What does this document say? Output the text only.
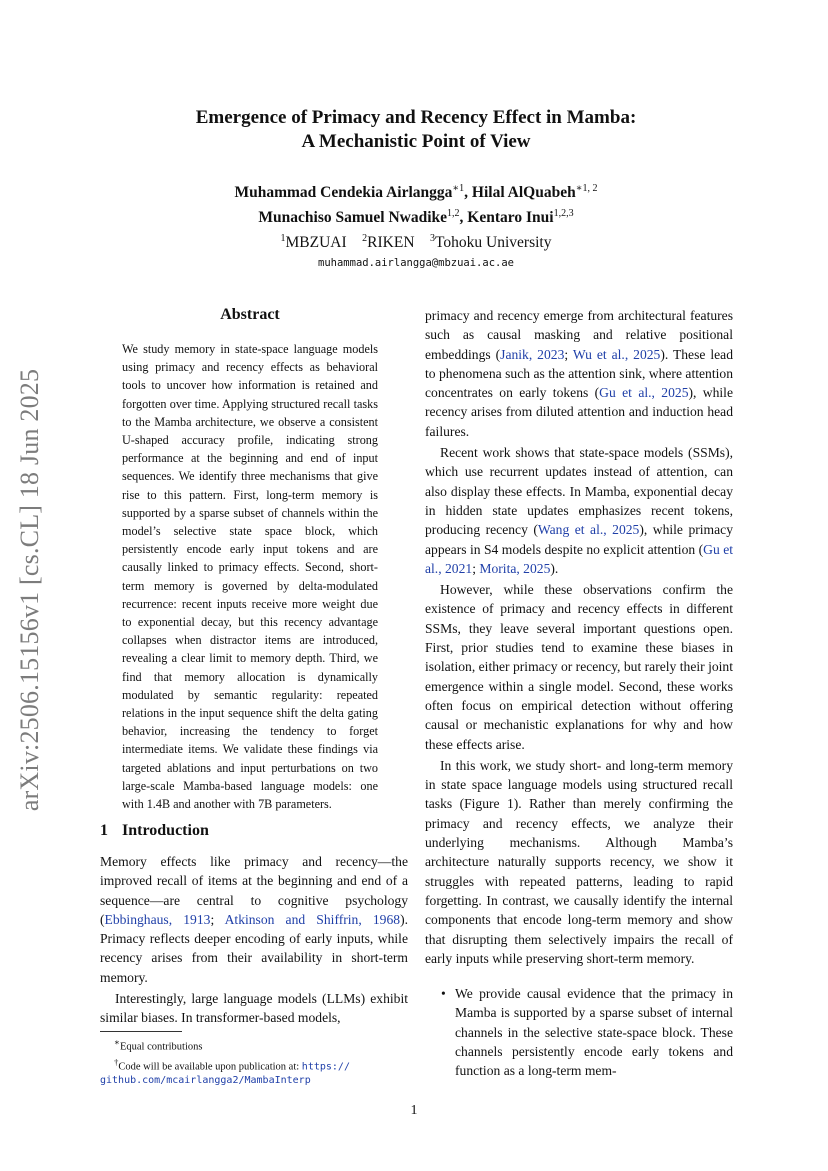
arXiv:2506.15156v1 [cs.CL] 18 Jun 2025
Emergence of Primacy and Recency Effect in Mamba:
A Mechanistic Point of View
Muhammad Cendekia Airlangga$^{∗1}$, Hilal AlQuabeh$^{∗1, 2}$
Munachiso Samuel Nwadike$^{1,2}$, Kentaro Inui$^{1,2,3}$
$^1$MBZUAI $^2$RIKEN $^3$Tohoku University
muhammad.airlangga@mbzuai.ac.ae
Abstract
We study memory in state-space language models using primacy and recency effects as behavioral tools to uncover how information is retained and forgotten over time. Applying structured recall tasks to the Mamba architecture, we observe a consistent U-shaped accuracy profile, indicating strong performance at the beginning and end of input sequences. We identify three mechanisms that give rise to this pattern. First, long-term memory is supported by a sparse subset of channels within the model’s selective state space block, which persistently encode early input tokens and are causally linked to primacy effects. Second, short-term memory is governed by delta-modulated recurrence: recent inputs receive more weight due to exponential decay, but this recency advantage collapses when distractor items are introduced, revealing a clear limit to memory depth. Third, we find that memory allocation is dynamically modulated by semantic regularity: repeated relations in the input sequence shift the delta gating behavior, increasing the tendency to forget intermediate items. We validate these findings via targeted ablations and input perturbations on two large-scale Mamba-based language models: one with 1.4B and another with 7B parameters.
1 Introduction

Memory effects like primacy and recency—the improved recall of items at the beginning and end of a sequence—are central to cognitive psychology (Ebbinghaus, 1913; Atkinson and Shiffrin, 1968). Primacy reflects deeper encoding of early inputs, while recency arises from their availability in short-term memory.

Interestingly, large language models (LLMs) exhibit similar biases. In transformer-based models,

primacy and recency emerge from architectural features such as causal masking and relative positional embeddings (Janik, 2023; Wu et al., 2025). These lead to phenomena such as the attention sink, where attention concentrates on early tokens (Gu et al., 2025), while recency arises from diluted attention and induction head failures.

Recent work shows that state-space models (SSMs), which use recurrent updates instead of attention, can also display these effects. In Mamba, exponential decay in hidden state updates emphasizes recent tokens, producing recency (Wang et al., 2025), while primacy appears in S4 models despite no explicit attention (Gu et al., 2021; Morita, 2025).

However, while these observations confirm the existence of primacy and recency effects in different SSMs, they leave several important questions open. First, prior studies tend to examine these biases in isolation, either primacy or recency, but rarely their joint emergence within a single model. Second, these works often focus on empirical detection without offering causal or mechanistic explanations for why and how these effects arise.

In this work, we study short- and long-term memory in state space language models using structured recall tasks (Figure 1). Rather than merely confirming the primacy and recency effects, we analyze their underlying mechanisms. Although Mamba’s architecture naturally supports recency, we show it struggles with repeated patterns, leading to rapid forgetting. In contrast, we causally identify the internal components that encode long-term memory and show that disrupting them selectively impairs the recall of early inputs while preserving short-term memory.

• We provide causal evidence that the primacy in Mamba is supported by a sparse subset of internal channels in the selective state-space block. These channels persistently encode early tokens and function as a long-term mem-

∗Equal contributions
†Code will be available upon publication at: https://
github.com/mcairlangga2/MambaInterp
1
